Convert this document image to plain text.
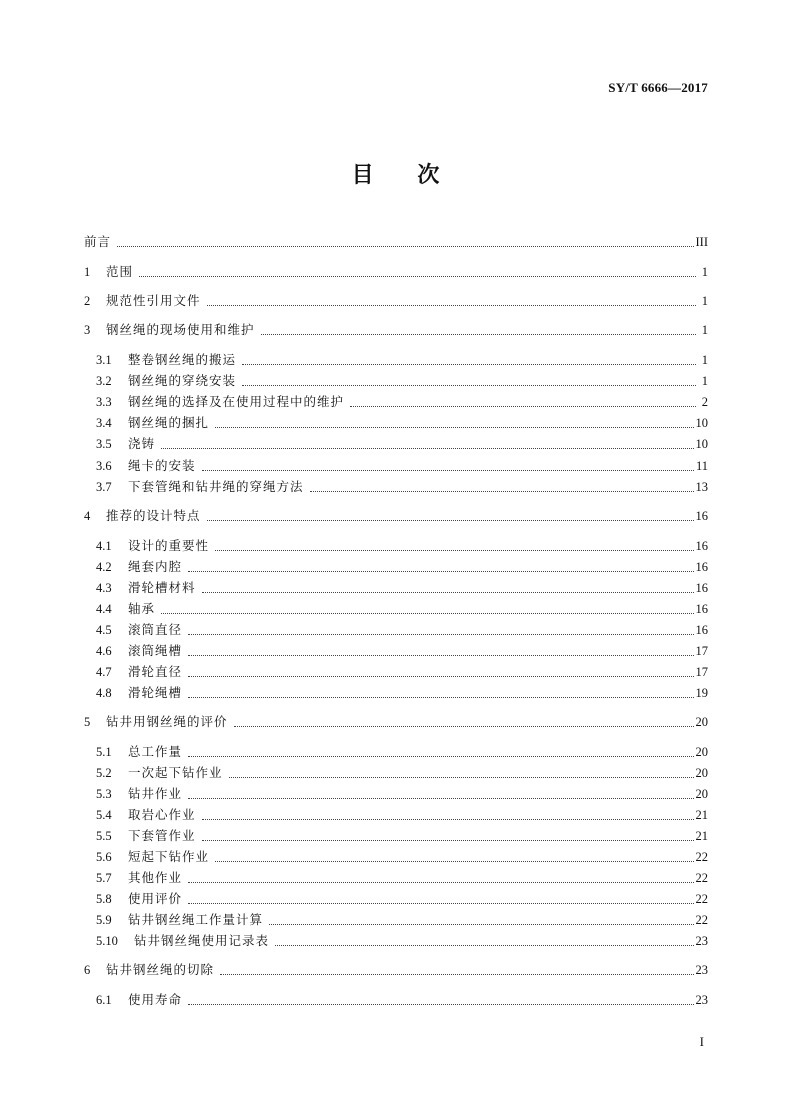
SY/T 6666—2017
目 次
前言	III
1	范围	1
2	规范性引用文件	1
3	钢丝绳的现场使用和维护	1
3.1	整卷钢丝绳的搬运	1
3.2	钢丝绳的穿绕安装	1
3.3	钢丝绳的选择及在使用过程中的维护	2
3.4	钢丝绳的捆扎	10
3.5	浇铸	10
3.6	绳卡的安装	11
3.7	下套管绳和钻井绳的穿绳方法	13
4	推荐的设计特点	16
4.1	设计的重要性	16
4.2	绳套内腔	16
4.3	滑轮槽材料	16
4.4	轴承	16
4.5	滚筒直径	16
4.6	滚筒绳槽	17
4.7	滑轮直径	17
4.8	滑轮绳槽	19
5	钻井用钢丝绳的评价	20
5.1	总工作量	20
5.2	一次起下钻作业	20
5.3	钻井作业	20
5.4	取岩心作业	21
5.5	下套管作业	21
5.6	短起下钻作业	22
5.7	其他作业	22
5.8	使用评价	22
5.9	钻井钢丝绳工作量计算	22
5.10	钻井钢丝绳使用记录表	23
6	钻井钢丝绳的切除	23
6.1	使用寿命	23
I
